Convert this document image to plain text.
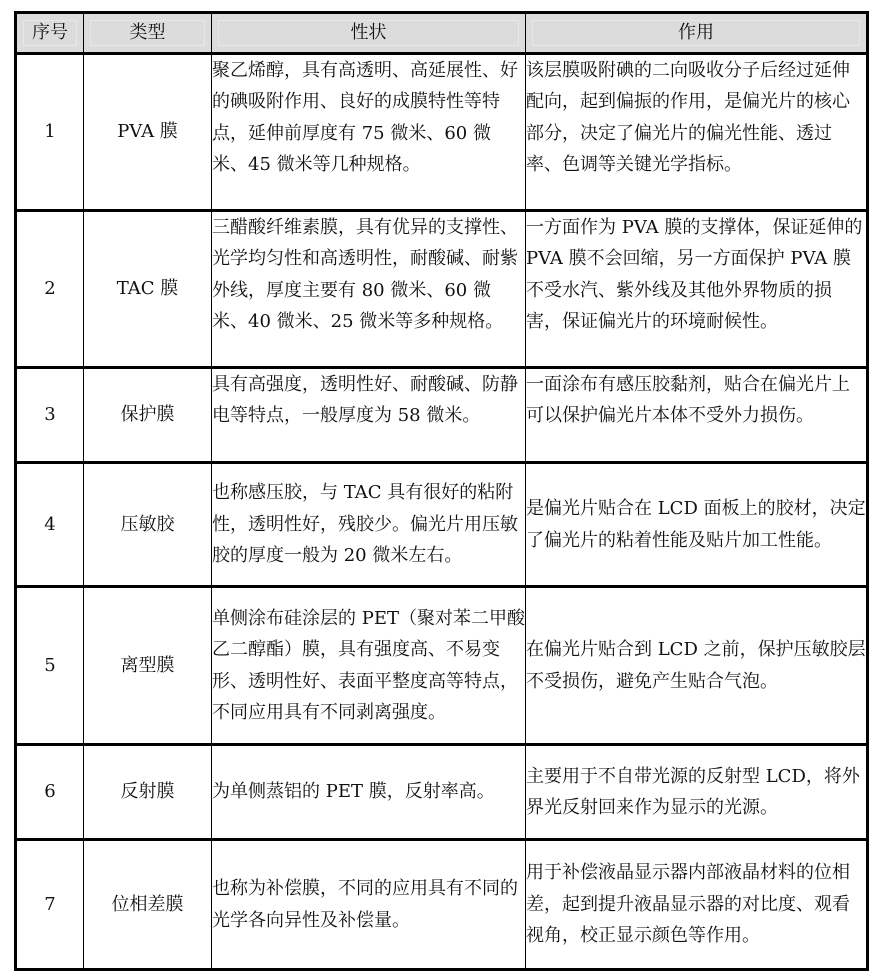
序号	类型	性状	作用
1	PVA 膜	聚乙烯醇，具有高透明、高延展性、好的碘吸附作用、良好的成膜特性等特点，延伸前厚度有 75 微米、60 微米、45 微米等几种规格。	该层膜吸附碘的二向吸收分子后经过延伸配向，起到偏振的作用，是偏光片的核心部分，决定了偏光片的偏光性能、透过率、色调等关键光学指标。
2	TAC 膜	三醋酸纤维素膜，具有优异的支撑性、光学均匀性和高透明性，耐酸碱、耐紫外线，厚度主要有 80 微米、60 微米、40 微米、25 微米等多种规格。	一方面作为 PVA 膜的支撑体，保证延伸的 PVA 膜不会回缩，另一方面保护 PVA 膜不受水汽、紫外线及其他外界物质的损害，保证偏光片的环境耐候性。
3	保护膜	具有高强度，透明性好、耐酸碱、防静电等特点，一般厚度为 58 微米。	一面涂布有感压胶黏剂，贴合在偏光片上可以保护偏光片本体不受外力损伤。
4	压敏胶	也称感压胶，与 TAC 具有很好的粘附性，透明性好，残胶少。偏光片用压敏胶的厚度一般为 20 微米左右。	是偏光片贴合在 LCD 面板上的胶材，决定了偏光片的粘着性能及贴片加工性能。
5	离型膜	单侧涂布硅涂层的 PET（聚对苯二甲酸乙二醇酯）膜，具有强度高、不易变形、透明性好、表面平整度高等特点，不同应用具有不同剥离强度。	在偏光片贴合到 LCD 之前，保护压敏胶层不受损伤，避免产生贴合气泡。
6	反射膜	为单侧蒸铝的 PET 膜，反射率高。	主要用于不自带光源的反射型 LCD，将外界光反射回来作为显示的光源。
7	位相差膜	也称为补偿膜，不同的应用具有不同的光学各向异性及补偿量。	用于补偿液晶显示器内部液晶材料的位相差，起到提升液晶显示器的对比度、观看视角，校正显示颜色等作用。
